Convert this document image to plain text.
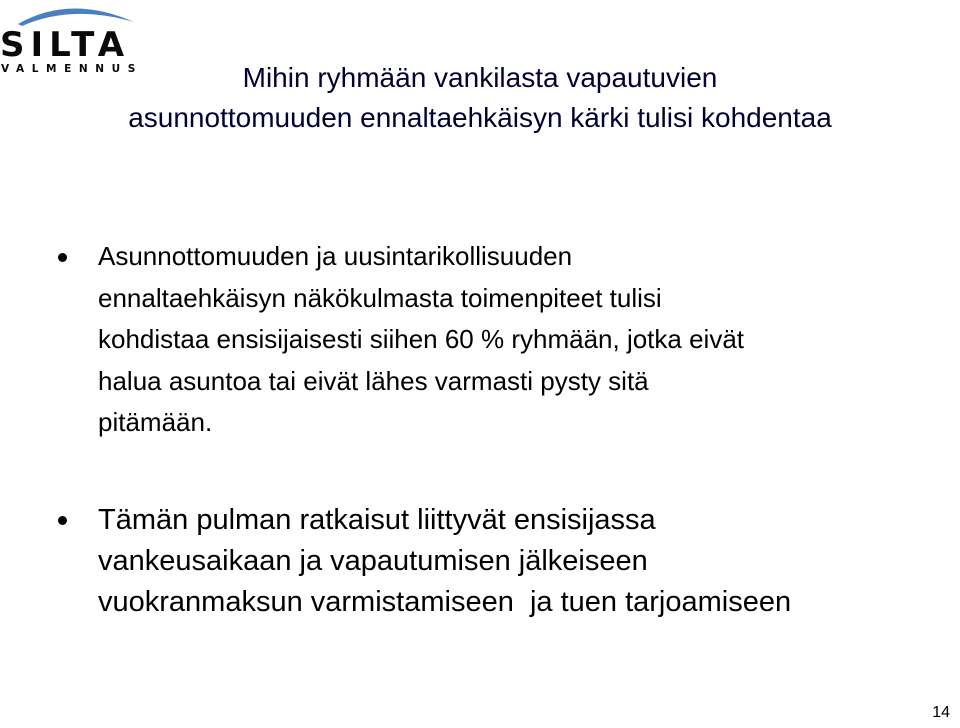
SILTA
VALMENNUS	Mihin ryhmään vankilasta vapautuvien
asunnottomuuden ennaltaehkäisyn kärki tulisi kohdentaa
Asunnottomuuden ja uusintarikollisuuden
ennaltaehkäisyn näkökulmasta toimenpiteet tulisi
kohdistaa ensisijaisesti siihen 60 % ryhmään, jotka eivät
halua asuntoa tai eivät lähes varmasti pysty sitä
pitämään.
Tämän pulman ratkaisut liittyvät ensisijassa
vankeusaikaan ja vapautumisen jälkeiseen
vuokranmaksun varmistamiseen  ja tuen tarjoamiseen
14
